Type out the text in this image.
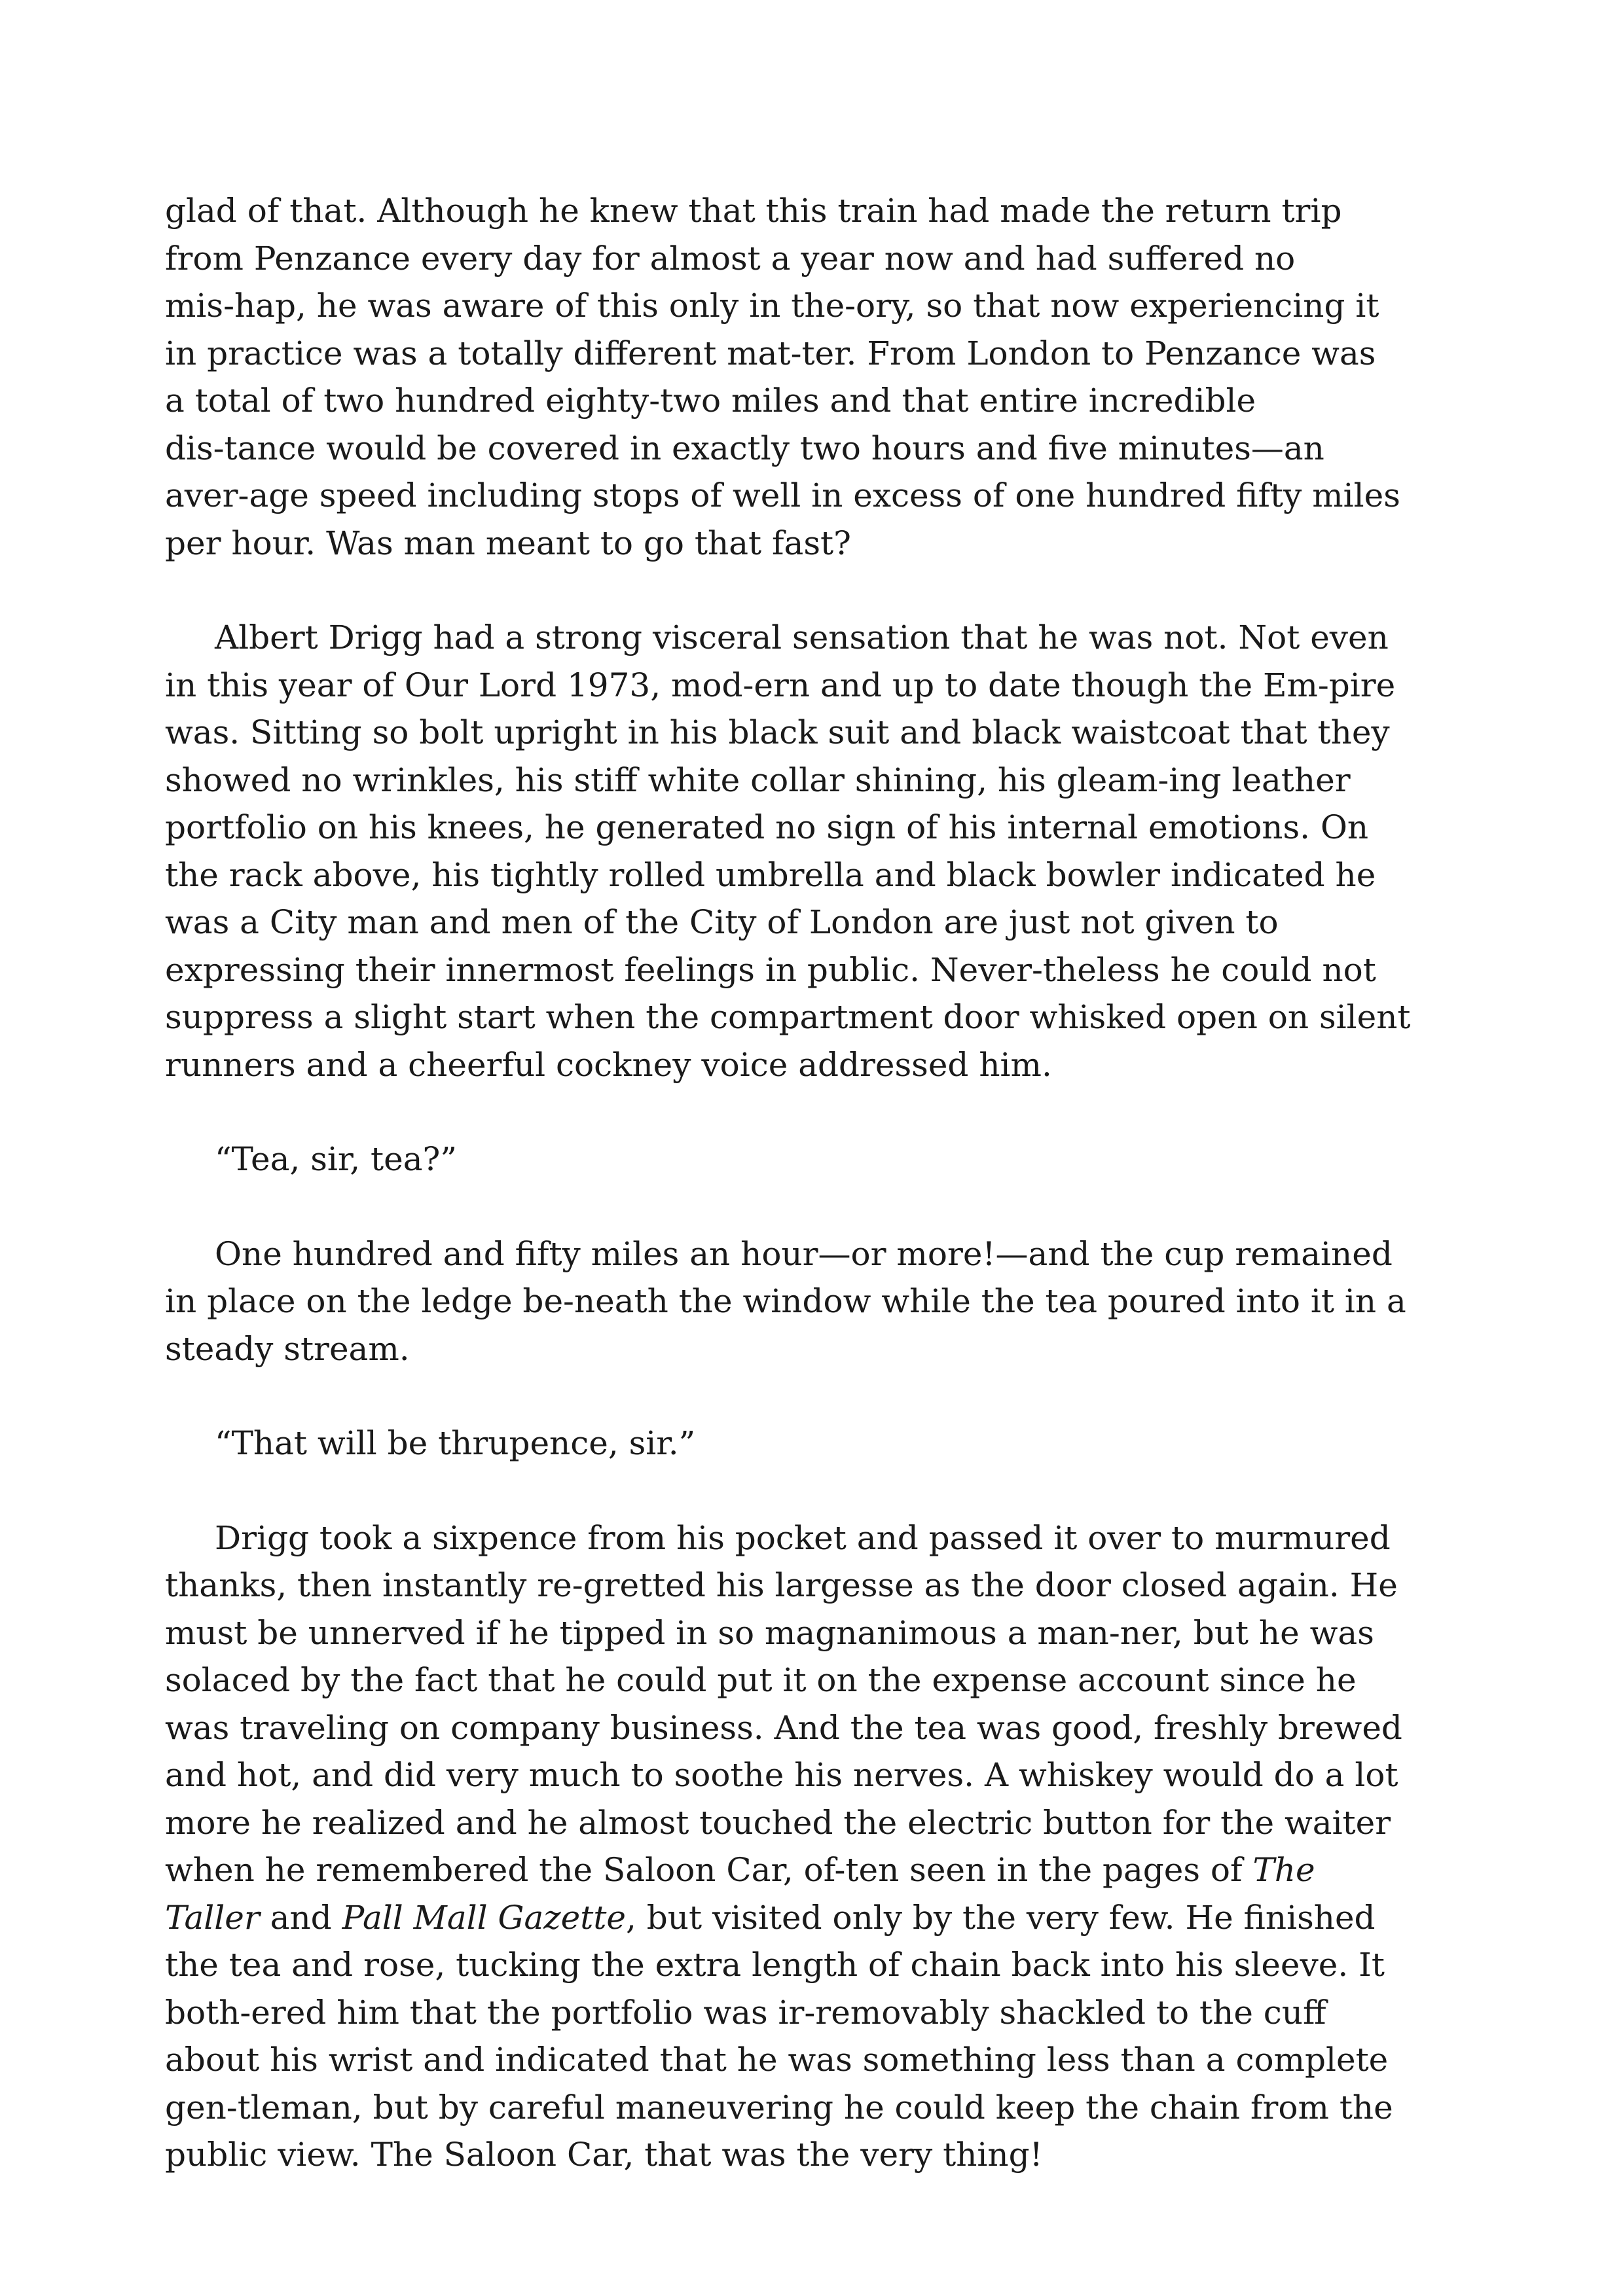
glad of that. Although he knew that this train had made the return trip
from Penzance every day for almost a year now and had suffered no
mis-hap, he was aware of this only in the-ory, so that now experiencing it
in practice was a totally different mat-ter. From London to Penzance was
a total of two hundred eighty-two miles and that entire incredible
dis-tance would be covered in exactly two hours and five minutes—an
aver-age speed including stops of well in excess of one hundred fifty miles
per hour. Was man meant to go that fast?
Albert Drigg had a strong visceral sensation that he was not. Not even
in this year of Our Lord 1973, mod-ern and up to date though the Em-pire
was. Sitting so bolt upright in his black suit and black waistcoat that they
showed no wrinkles, his stiff white collar shining, his gleam-ing leather
portfolio on his knees, he generated no sign of his internal emotions. On
the rack above, his tightly rolled umbrella and black bowler indicated he
was a City man and men of the City of London are just not given to
expressing their innermost feelings in public. Never-theless he could not
suppress a slight start when the compartment door whisked open on silent
runners and a cheerful cockney voice addressed him.
“Tea, sir, tea?”
One hundred and fifty miles an hour—or more!—and the cup remained
in place on the ledge be-neath the window while the tea poured into it in a
steady stream.
“That will be thrupence, sir.”
Drigg took a sixpence from his pocket and passed it over to murmured
thanks, then instantly re-gretted his largesse as the door closed again. He
must be unnerved if he tipped in so magnanimous a man-ner, but he was
solaced by the fact that he could put it on the expense account since he
was traveling on company business. And the tea was good, freshly brewed
and hot, and did very much to soothe his nerves. A whiskey would do a lot
more he realized and he almost touched the electric button for the waiter
when he remembered the Saloon Car, of-ten seen in the pages of The
Taller and Pall Mall Gazette, but visited only by the very few. He finished
the tea and rose, tucking the extra length of chain back into his sleeve. It
both-ered him that the portfolio was ir-removably shackled to the cuff
about his wrist and indicated that he was something less than a complete
gen-tleman, but by careful maneuvering he could keep the chain from the
public view. The Saloon Car, that was the very thing!
